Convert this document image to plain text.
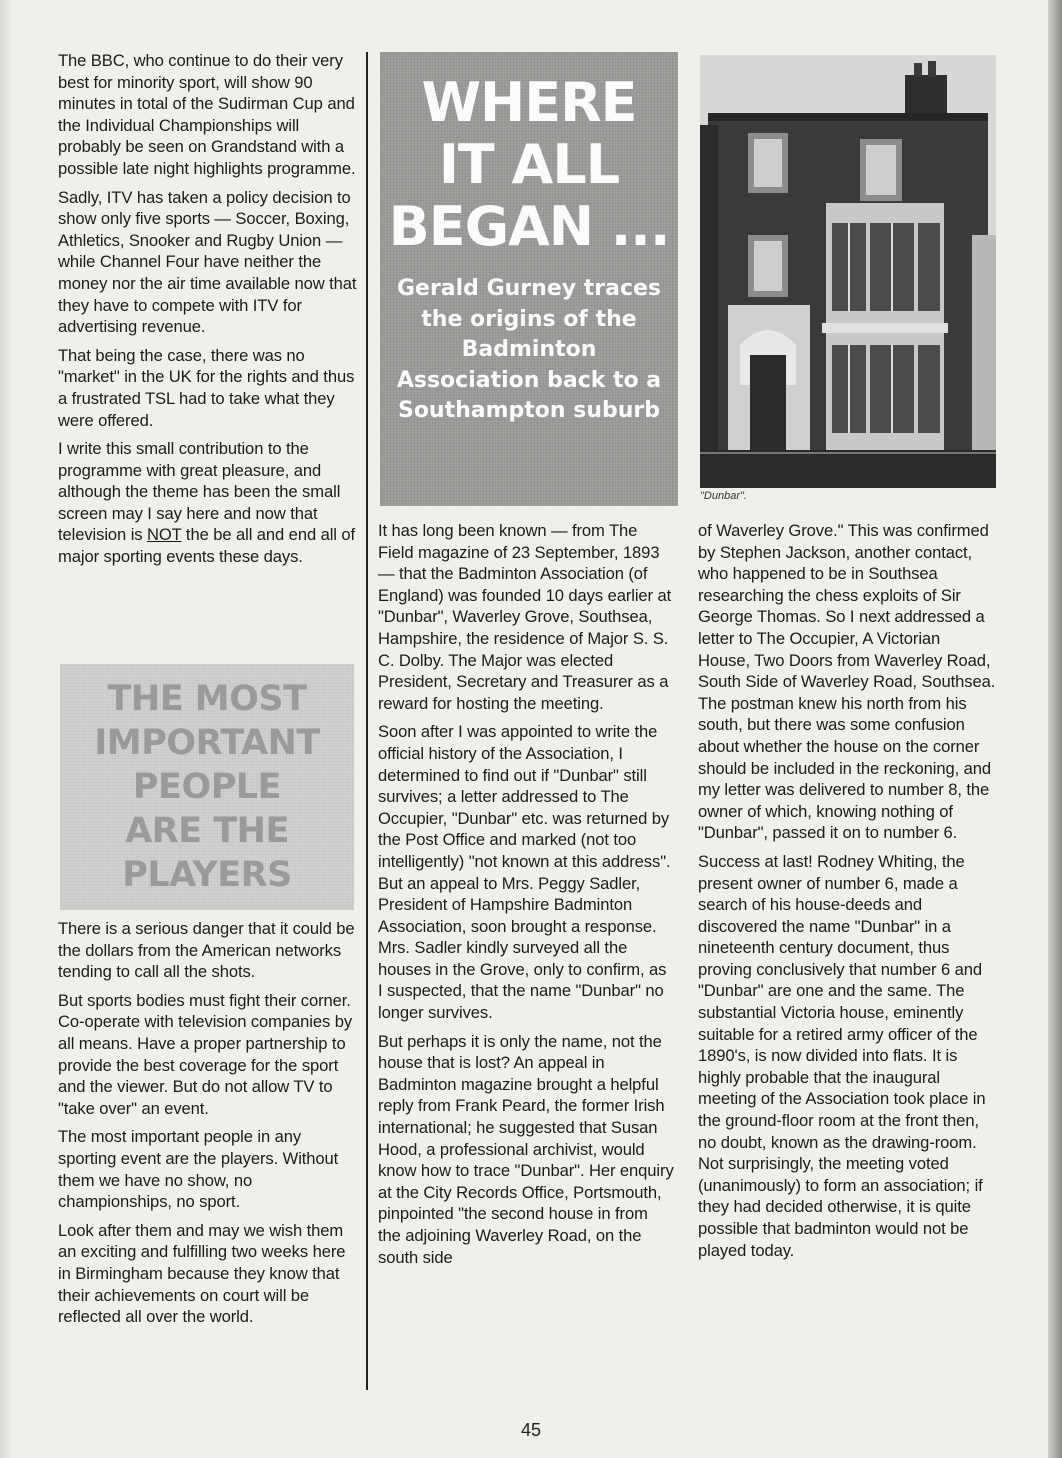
The BBC, who continue to do their very best for minority sport, will show 90 minutes in total of the Sudirman Cup and the Individual Championships will probably be seen on Grandstand with a possible late night highlights programme.

Sadly, ITV has taken a policy decision to show only five sports — Soccer, Boxing, Athletics, Snooker and Rugby Union — while Channel Four have neither the money nor the air time available now that they have to compete with ITV for advertising revenue.

That being the case, there was no "market" in the UK for the rights and thus a frustrated TSL had to take what they were offered.

I write this small contribution to the programme with great pleasure, and although the theme has been the small screen may I say here and now that television is NOT the be all and end all of major sporting events these days.

There is a serious danger that it could be the dollars from the American networks tending to call all the shots.

But sports bodies must fight their corner. Co-operate with television companies by all means. Have a proper partnership to provide the best coverage for the sport and the viewer. But do not allow TV to "take over" an event.

The most important people in any sporting event are the players. Without them we have no show, no championships, no sport.

Look after them and may we wish them an exciting and fulfilling two weeks here in Birmingham because they know that their achievements on court will be reflected all over the world.

THE MOST
IMPORTANT
PEOPLE
ARE THE
PLAYERS
WHERE
IT ALL
BEGAN ...
Gerald Gurney traces the origins of the Badminton Association back to a Southampton suburb
"Dunbar".

It has long been known — from The Field magazine of 23 September, 1893 — that the Badminton Association (of England) was founded 10 days earlier at "Dunbar", Waverley Grove, Southsea, Hampshire, the residence of Major S. S. C. Dolby. The Major was elected President, Secretary and Treasurer as a reward for hosting the meeting.

Soon after I was appointed to write the official history of the Association, I determined to find out if "Dunbar" still survives; a letter addressed to The Occupier, "Dunbar" etc. was returned by the Post Office and marked (not too intelligently) "not known at this address". But an appeal to Mrs. Peggy Sadler, President of Hampshire Badminton Association, soon brought a response. Mrs. Sadler kindly surveyed all the houses in the Grove, only to confirm, as I suspected, that the name "Dunbar" no longer survives.

But perhaps it is only the name, not the house that is lost? An appeal in Badminton magazine brought a helpful reply from Frank Peard, the former Irish international; he suggested that Susan Hood, a professional archivist, would know how to trace "Dunbar". Her enquiry at the City Records Office, Portsmouth, pinpointed "the second house in from the adjoining Waverley Road, on the south side

of Waverley Grove." This was confirmed by Stephen Jackson, another contact, who happened to be in Southsea researching the chess exploits of Sir George Thomas. So I next addressed a letter to The Occupier, A Victorian House, Two Doors from Waverley Road, South Side of Waverley Road, Southsea. The postman knew his north from his south, but there was some confusion about whether the house on the corner should be included in the reckoning, and my letter was delivered to number 8, the owner of which, knowing nothing of "Dunbar", passed it on to number 6.

Success at last! Rodney Whiting, the present owner of number 6, made a search of his house-deeds and discovered the name "Dunbar" in a nineteenth century document, thus proving conclusively that number 6 and "Dunbar" are one and the same. The substantial Victoria house, eminently suitable for a retired army officer of the 1890's, is now divided into flats. It is highly probable that the inaugural meeting of the Association took place in the ground-floor room at the front then, no doubt, known as the drawing-room. Not surprisingly, the meeting voted (unanimously) to form an association; if they had decided otherwise, it is quite possible that badminton would not be played today.

45
